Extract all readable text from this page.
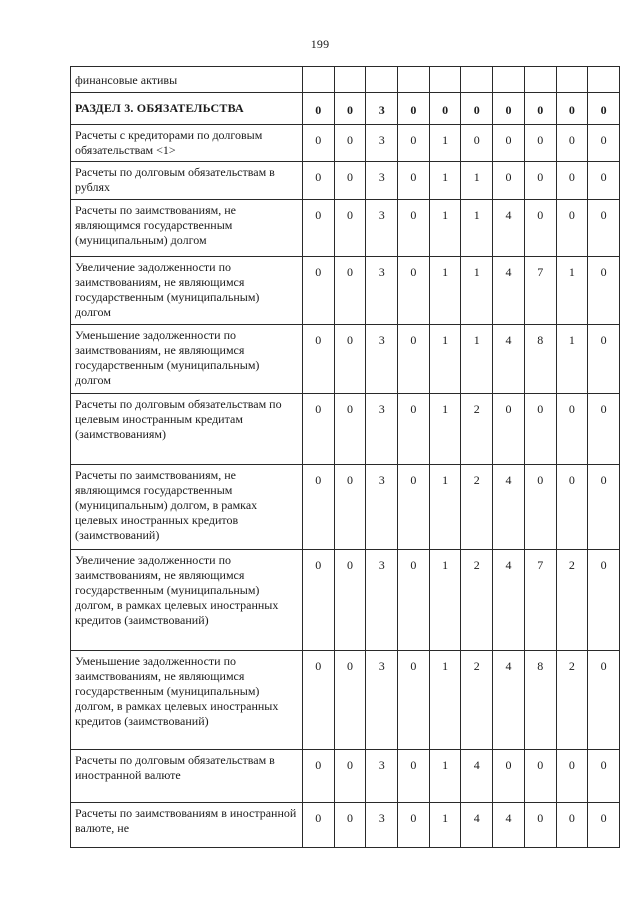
199
финансовые активы										
РАЗДЕЛ 3. ОБЯЗАТЕЛЬСТВА	0	0	3	0	0	0	0	0	0	0
Расчеты с кредиторами по долговым обязательствам <1>	0	0	3	0	1	0	0	0	0	0
Расчеты по долговым обязательствам в рублях	0	0	3	0	1	1	0	0	0	0
Расчеты по заимствованиям, не являющимся государственным (муниципальным) долгом	0	0	3	0	1	1	4	0	0	0
Увеличение задолженности по заимствованиям, не являющимся государственным (муниципальным) долгом	0	0	3	0	1	1	4	7	1	0
Уменьшение задолженности по заимствованиям, не являющимся государственным (муниципальным) долгом	0	0	3	0	1	1	4	8	1	0
Расчеты по долговым обязательствам по целевым иностранным кредитам (заимствованиям)	0	0	3	0	1	2	0	0	0	0
Расчеты по заимствованиям, не являющимся государственным (муниципальным) долгом, в рамках целевых иностранных кредитов (заимствований)	0	0	3	0	1	2	4	0	0	0
Увеличение задолженности по заимствованиям, не являющимся государственным (муниципальным) долгом, в рамках целевых иностранных кредитов (заимствований)	0	0	3	0	1	2	4	7	2	0
Уменьшение задолженности по заимствованиям, не являющимся государственным (муниципальным) долгом, в рамках целевых иностранных кредитов (заимствований)	0	0	3	0	1	2	4	8	2	0
Расчеты по долговым обязательствам в иностранной валюте	0	0	3	0	1	4	0	0	0	0
Расчеты по заимствованиям в иностранной валюте, не	0	0	3	0	1	4	4	0	0	0
